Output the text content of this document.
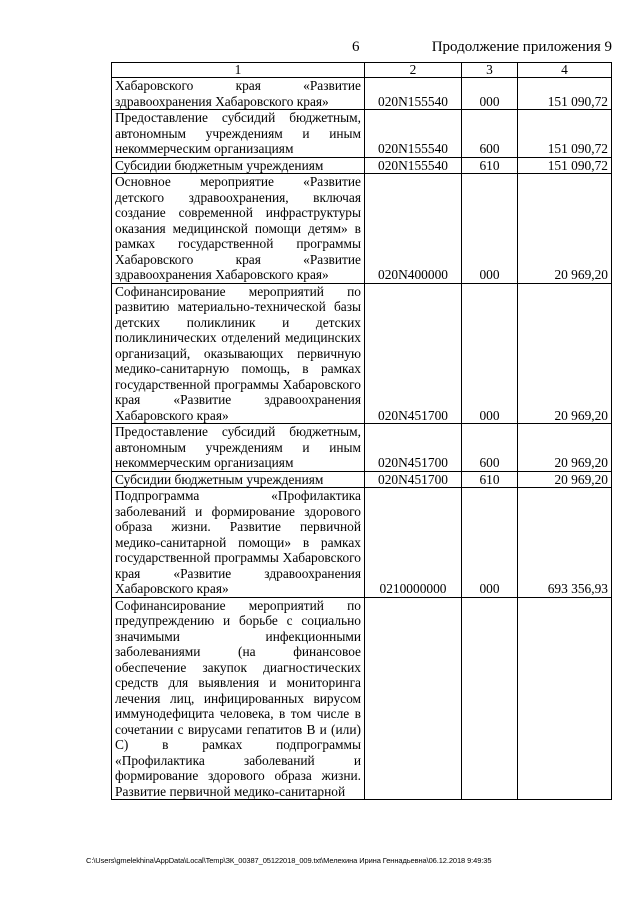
6	Продолжение приложения 9
1	2	3	4
Хабаровского края «Развитие здравоохранения Хабаровского края»	020N155540	000	151 090,72
Предоставление субсидий бюджетным, автономным учреждениям и иным некоммерческим организациям	020N155540	600	151 090,72
Субсидии бюджетным учреждениям	020N155540	610	151 090,72
Основное мероприятие «Развитие детского здравоохранения, включая создание современной инфраструктуры оказания медицинской помощи детям» в рамках государственной программы Хабаровского края «Развитие здравоохранения Хабаровского края»	020N400000	000	20 969,20
Софинансирование мероприятий по развитию материально-технической базы детских поликлиник и детских поликлинических отделений медицинских организаций, оказывающих первичную медико-санитарную помощь, в рамках государственной программы Хабаровского края «Развитие здравоохранения Хабаровского края»	020N451700	000	20 969,20
Предоставление субсидий бюджетным, автономным учреждениям и иным некоммерческим организациям	020N451700	600	20 969,20
Субсидии бюджетным учреждениям	020N451700	610	20 969,20
Подпрограмма «Профилактика заболеваний и формирование здорового образа жизни. Развитие первичной медико-санитарной помощи» в рамках государственной программы Хабаровского края «Развитие здравоохранения Хабаровского края»	0210000000	000	693 356,93
Софинансирование мероприятий по предупреждению и борьбе с социально значимыми инфекционными заболеваниями (на финансовое обеспечение закупок диагностических средств для выявления и мониторинга лечения лиц, инфицированных вирусом иммунодефицита человека, в том числе в сочетании с вирусами гепатитов B и (или) C) в рамках подпрограммы «Профилактика заболеваний и формирование здорового образа жизни. Развитие первичной медико-санитарной			
C:\Users\gmelekhina\AppData\Local\Temp\ЗК_00387_05122018_009.txt\Мелехина Ирина Геннадьевна\06.12.2018 9:49:35
